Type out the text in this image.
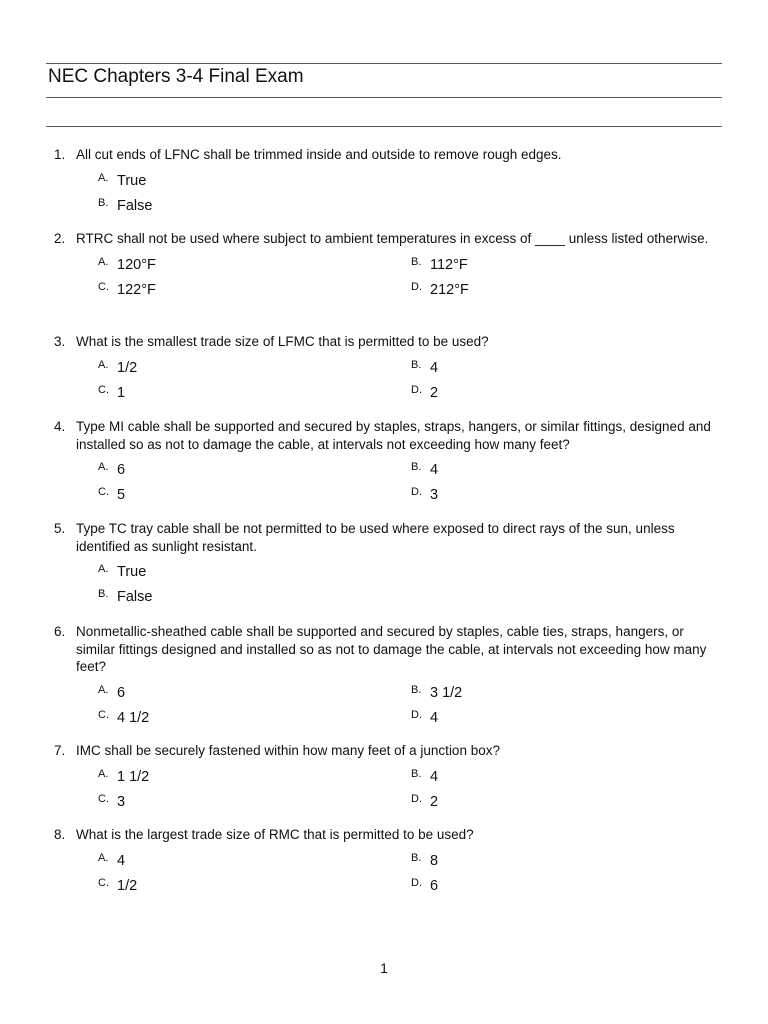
NEC Chapters 3-4 Final Exam
1. All cut ends of LFNC shall be trimmed inside and outside to remove rough edges.
A. True
B. False
2. RTRC shall not be used where subject to ambient temperatures in excess of ____ unless listed otherwise.
A. 120°F	B. 112°F
C. 122°F	D. 212°F
3. What is the smallest trade size of LFMC that is permitted to be used?
A. 1/2	B. 4
C. 1	D. 2
4. Type MI cable shall be supported and secured by staples, straps, hangers, or similar fittings, designed and installed so as not to damage the cable, at intervals not exceeding how many feet?
A. 6	B. 4
C. 5	D. 3
5. Type TC tray cable shall be not permitted to be used where exposed to direct rays of the sun, unless identified as sunlight resistant.
A. True
B. False
6. Nonmetallic-sheathed cable shall be supported and secured by staples, cable ties, straps, hangers, or similar fittings designed and installed so as not to damage the cable, at intervals not exceeding how many feet?
A. 6	B. 3 1/2
C. 4 1/2	D. 4
7. IMC shall be securely fastened within how many feet of a junction box?
A. 1 1/2	B. 4
C. 3	D. 2
8. What is the largest trade size of RMC that is permitted to be used?
A. 4	B. 8
C. 1/2	D. 6
1
